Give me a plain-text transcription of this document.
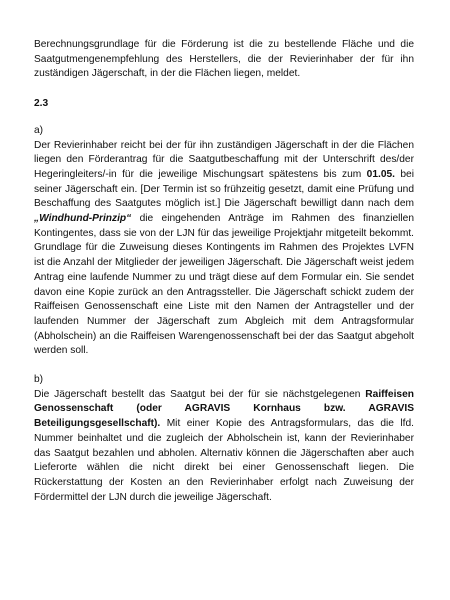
Berechnungsgrundlage für die Förderung ist die zu bestellende Fläche und die Saatgutmengenempfehlung des Herstellers, die der Revierinhaber der für ihn zuständigen Jägerschaft, in der die Flächen liegen, meldet.

2.3

a)

Der Revierinhaber reicht bei der für ihn zuständigen Jägerschaft in der die Flächen liegen den Förderantrag für die Saatgutbeschaffung mit der Unterschrift des/der Hegeringleiters/-in für die jeweilige Mischungsart spätestens bis zum 01.05. bei seiner Jägerschaft ein. [Der Termin ist so frühzeitig gesetzt, damit eine Prüfung und Beschaffung des Saatgutes möglich ist.] Die Jägerschaft bewilligt dann nach dem „Windhund-Prinzip“ die eingehenden Anträge im Rahmen des finanziellen Kontingentes, dass sie von der LJN für das jeweilige Projektjahr mitgeteilt bekommt. Grundlage für die Zuweisung dieses Kontingents im Rahmen des Projektes LVFN ist die Anzahl der Mitglieder der jeweiligen Jägerschaft. Die Jägerschaft weist jedem Antrag eine laufende Nummer zu und trägt diese auf dem Formular ein. Sie sendet davon eine Kopie zurück an den Antragssteller. Die Jägerschaft schickt zudem der Raiffeisen Genossenschaft eine Liste mit den Namen der Antragsteller und der laufenden Nummer der Jägerschaft zum Abgleich mit dem Antragsformular (Abholschein) an die Raiffeisen Warengenossenschaft bei der das Saatgut abgeholt werden soll.

b)

Die Jägerschaft bestellt das Saatgut bei der für sie nächstgelegenen Raiffeisen Genossenschaft (oder AGRAVIS Kornhaus bzw. AGRAVIS Beteiligungsgesellschaft). Mit einer Kopie des Antragsformulars, das die lfd. Nummer beinhaltet und die zugleich der Abholschein ist, kann der Revierinhaber das Saatgut bezahlen und abholen. Alternativ können die Jägerschaften aber auch Lieferorte wählen die nicht direkt bei einer Genossenschaft liegen. Die Rückerstattung der Kosten an den Revierinhaber erfolgt nach Zuweisung der Fördermittel der LJN durch die jeweilige Jägerschaft.
